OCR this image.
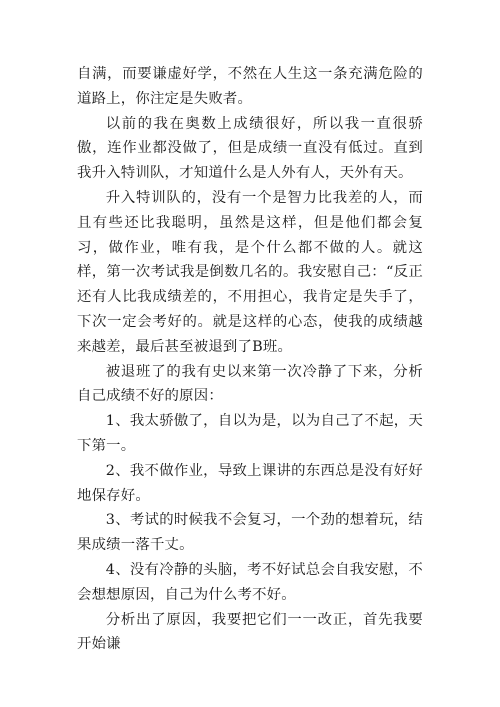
自满，而要谦虚好学，不然在人生这一条充满危险的道路上，你注定是失败者。

以前的我在奥数上成绩很好，所以我一直很骄傲，连作业都没做了，但是成绩一直没有低过。直到我升入特训队，才知道什么是人外有人，天外有天。

升入特训队的，没有一个是智力比我差的人，而且有些还比我聪明，虽然是这样，但是他们都会复习，做作业，唯有我，是个什么都不做的人。就这样，第一次考试我是倒数几名的。我安慰自己：“反正还有人比我成绩差的，不用担心，我肯定是失手了，下次一定会考好的。就是这样的心态，使我的成绩越来越差，最后甚至被退到了B班。

被退班了的我有史以来第一次冷静了下来，分析自己成绩不好的原因：

1、我太骄傲了，自以为是，以为自己了不起，天下第一。

2、我不做作业，导致上课讲的东西总是没有好好地保存好。

3、考试的时候我不会复习，一个劲的想着玩，结果成绩一落千丈。

4、没有冷静的头脑，考不好试总会自我安慰，不会想想原因，自己为什么考不好。

分析出了原因，我要把它们一一改正，首先我要开始谦
